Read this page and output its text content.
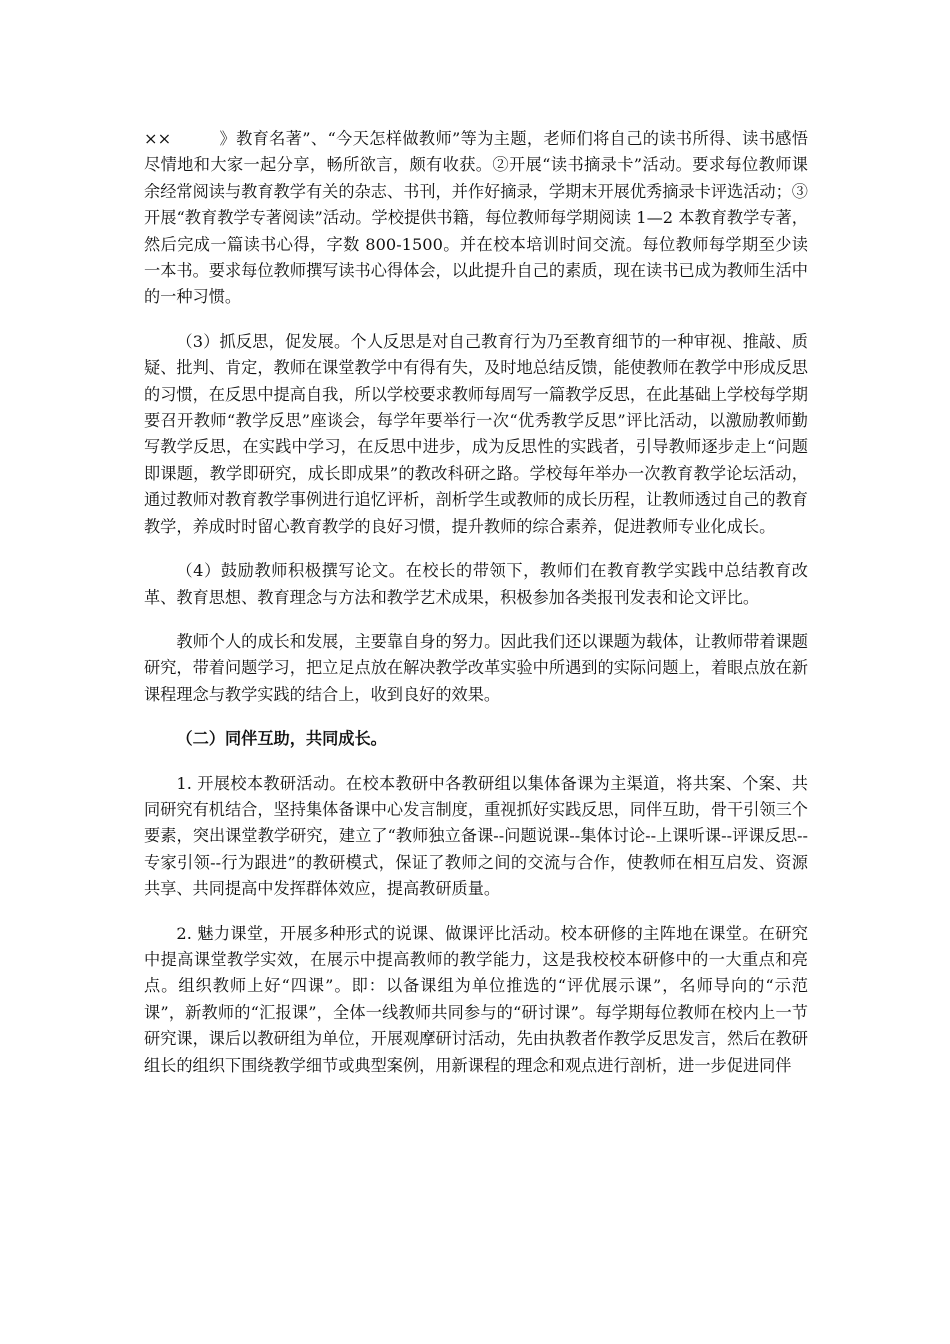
××	》教育名著”、“今天怎样做教师”等为主题，老师们将自己的读书所得、读书感悟尽情地和大家一起分享，畅所欲言，颇有收获。②开展“读书摘录卡”活动。要求每位教师课余经常阅读与教育教学有关的杂志、书刊，并作好摘录，学期末开展优秀摘录卡评选活动；③开展“教育教学专著阅读”活动。学校提供书籍，每位教师每学期阅读 1—2 本教育教学专著，然后完成一篇读书心得，字数 800-1500。并在校本培训时间交流。每位教师每学期至少读一本书。要求每位教师撰写读书心得体会，以此提升自己的素质，现在读书已成为教师生活中的一种习惯。

（3）抓反思，促发展。个人反思是对自己教育行为乃至教育细节的一种审视、推敲、质疑、批判、肯定，教师在课堂教学中有得有失，及时地总结反馈，能使教师在教学中形成反思的习惯，在反思中提高自我，所以学校要求教师每周写一篇教学反思，在此基础上学校每学期要召开教师“教学反思”座谈会，每学年要举行一次“优秀教学反思”评比活动，以激励教师勤写教学反思，在实践中学习，在反思中进步，成为反思性的实践者，引导教师逐步走上“问题即课题，教学即研究，成长即成果”的教改科研之路。学校每年举办一次教育教学论坛活动，通过教师对教育教学事例进行追忆评析，剖析学生或教师的成长历程，让教师透过自己的教育教学，养成时时留心教育教学的良好习惯，提升教师的综合素养，促进教师专业化成长。

（4）鼓励教师积极撰写论文。在校长的带领下，教师们在教育教学实践中总结教育改革、教育思想、教育理念与方法和教学艺术成果，积极参加各类报刊发表和论文评比。

教师个人的成长和发展，主要靠自身的努力。因此我们还以课题为载体，让教师带着课题研究，带着问题学习，把立足点放在解决教学改革实验中所遇到的实际问题上，着眼点放在新课程理念与教学实践的结合上，收到良好的效果。

（二）同伴互助，共同成长。

1. 开展校本教研活动。在校本教研中各教研组以集体备课为主渠道，将共案、个案、共同研究有机结合，坚持集体备课中心发言制度，重视抓好实践反思，同伴互助，骨干引领三个要素，突出课堂教学研究，建立了“教师独立备课--问题说课--集体讨论--上课听课--评课反思--专家引领--行为跟进”的教研模式，保证了教师之间的交流与合作，使教师在相互启发、资源共享、共同提高中发挥群体效应，提高教研质量。

2. 魅力课堂，开展多种形式的说课、做课评比活动。校本研修的主阵地在课堂。在研究中提高课堂教学实效，在展示中提高教师的教学能力，这是我校校本研修中的一大重点和亮点。组织教师上好“四课”。即：以备课组为单位推选的“评优展示课”，名师导向的“示范课”，新教师的“汇报课”，全体一线教师共同参与的“研讨课”。每学期每位教师在校内上一节研究课，课后以教研组为单位，开展观摩研讨活动，先由执教者作教学反思发言，然后在教研组长的组织下围绕教学细节或典型案例，用新课程的理念和观点进行剖析，进一步促进同伴
